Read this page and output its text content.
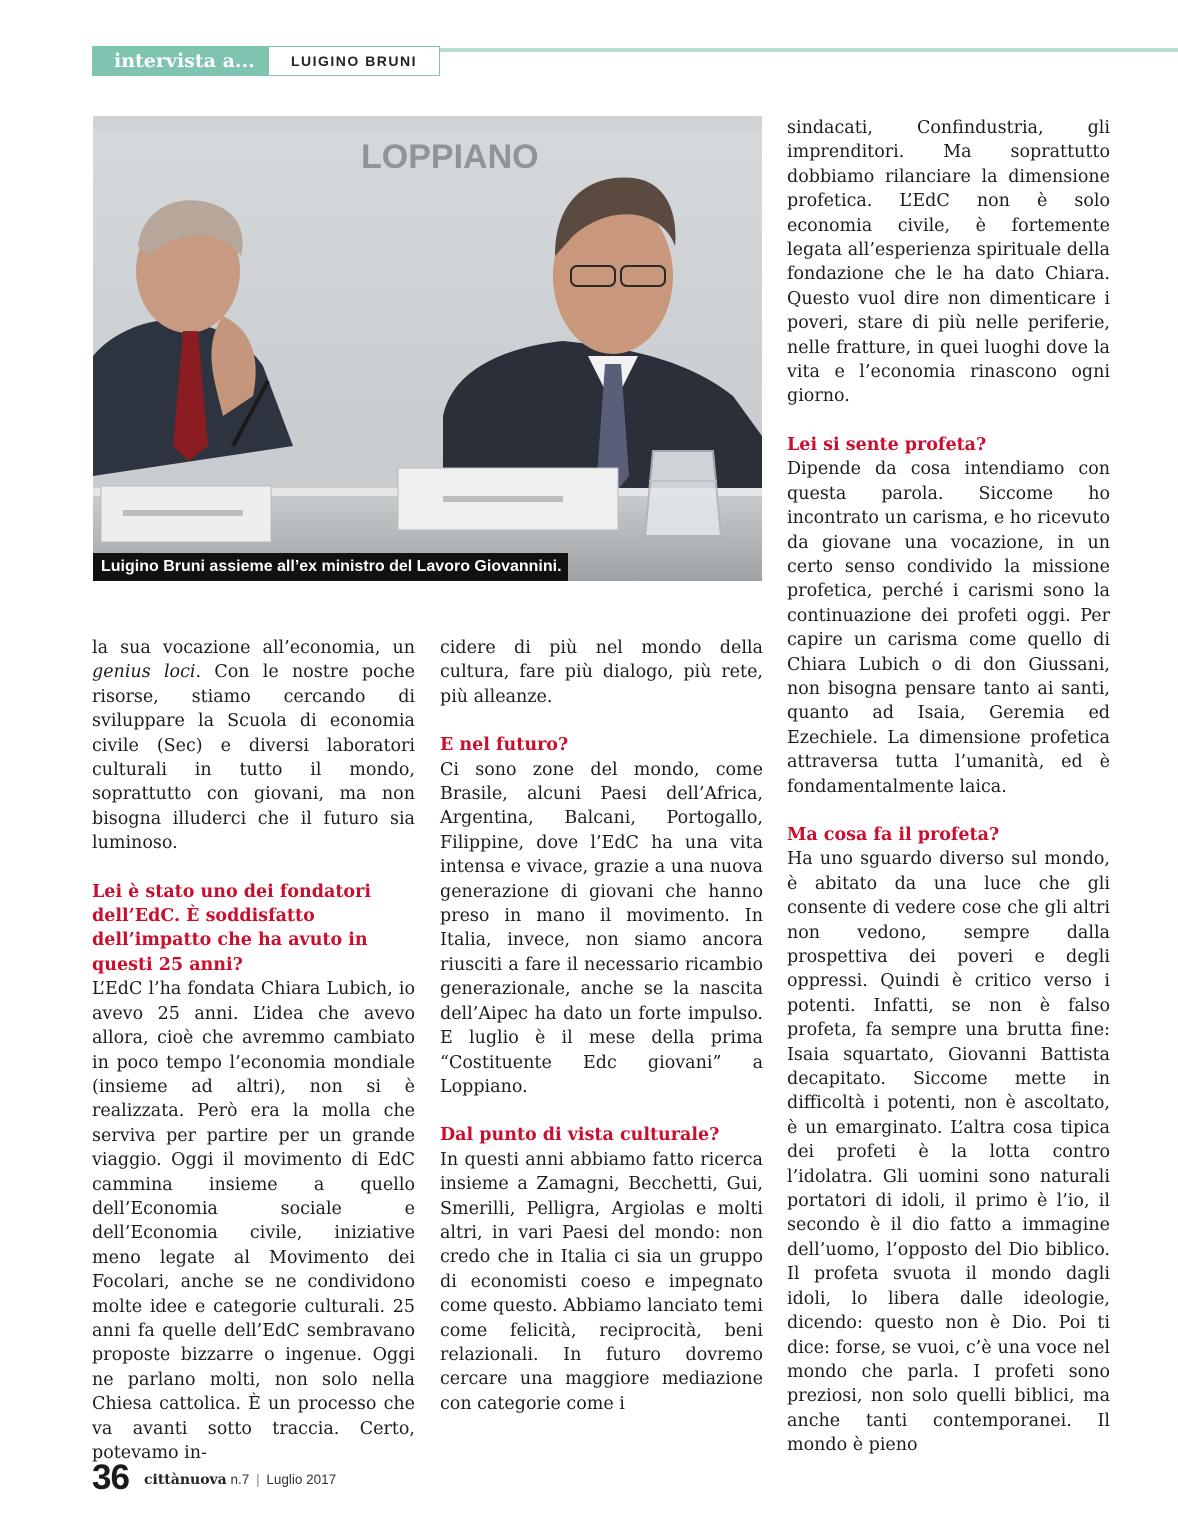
intervista a...	LUIGINO BRUNI
LOPPIANO
Luigino Bruni assieme all’ex ministro del Lavoro Giovannini.

la sua vocazione all’economia, un genius loci. Con le nostre poche risorse, stiamo cercando di sviluppare la Scuola di economia civile (Sec) e diversi laboratori culturali in tutto il mondo, soprattutto con giovani, ma non bisogna illuderci che il futuro sia luminoso.

Lei è stato uno dei fondatori dell’EdC. È soddisfatto dell’impatto che ha avuto in questi 25 anni?

L’EdC l’ha fondata Chiara Lubich, io avevo 25 anni. L’idea che avevo allora, cioè che avremmo cambiato in poco tempo l’economia mondiale (insieme ad altri), non si è realizzata. Però era la molla che serviva per partire per un grande viaggio. Oggi il movimento di EdC cammina insieme a quello dell’Economia sociale e dell’Economia civile, iniziative meno legate al Movimento dei Focolari, anche se ne condividono molte idee e categorie culturali. 25 anni fa quelle dell’EdC sembravano proposte bizzarre o ingenue. Oggi ne parlano molti, non solo nella Chiesa cattolica. È un processo che va avanti sotto traccia. Certo, potevamo in-

cidere di più nel mondo della cultura, fare più dialogo, più rete, più alleanze.

E nel futuro?

Ci sono zone del mondo, come Brasile, alcuni Paesi dell’Africa, Argentina, Balcani, Portogallo, Filippine, dove l’EdC ha una vita intensa e vivace, grazie a una nuova generazione di giovani che hanno preso in mano il movimento. In Italia, invece, non siamo ancora riusciti a fare il necessario ricambio generazionale, anche se la nascita dell’Aipec ha dato un forte impulso. E luglio è il mese della prima “Costituente Edc giovani” a Loppiano.

Dal punto di vista culturale?

In questi anni abbiamo fatto ricerca insieme a Zamagni, Becchetti, Gui, Smerilli, Pelligra, Argiolas e molti altri, in vari Paesi del mondo: non credo che in Italia ci sia un gruppo di economisti coeso e impegnato come questo. Abbiamo lanciato temi come felicità, reciprocità, beni relazionali. In futuro dovremo cercare una maggiore mediazione con categorie come i

sindacati, Confindustria, gli imprenditori. Ma soprattutto dobbiamo rilanciare la dimensione profetica. L’EdC non è solo economia civile, è fortemente legata all’esperienza spirituale della fondazione che le ha dato Chiara. Questo vuol dire non dimenticare i poveri, stare di più nelle periferie, nelle fratture, in quei luoghi dove la vita e l’economia rinascono ogni giorno.

Lei si sente profeta?

Dipende da cosa intendiamo con questa parola. Siccome ho incontrato un carisma, e ho ricevuto da giovane una vocazione, in un certo senso condivido la missione profetica, perché i carismi sono la continuazione dei profeti oggi. Per capire un carisma come quello di Chiara Lubich o di don Giussani, non bisogna pensare tanto ai santi, quanto ad Isaia, Geremia ed Ezechiele. La dimensione profetica attraversa tutta l’umanità, ed è fondamentalmente laica.

Ma cosa fa il profeta?

Ha uno sguardo diverso sul mondo, è abitato da una luce che gli consente di vedere cose che gli altri non vedono, sempre dalla prospettiva dei poveri e degli oppressi. Quindi è critico verso i potenti. Infatti, se non è falso profeta, fa sempre una brutta fine: Isaia squartato, Giovanni Battista decapitato. Siccome mette in difficoltà i potenti, non è ascoltato, è un emarginato. L’altra cosa tipica dei profeti è la lotta contro l’idolatra. Gli uomini sono naturali portatori di idoli, il primo è l’io, il secondo è il dio fatto a immagine dell’uomo, l’opposto del Dio biblico. Il profeta svuota il mondo dagli idoli, lo libera dalle ideologie, dicendo: questo non è Dio. Poi ti dice: forse, se vuoi, c’è una voce nel mondo che parla. I profeti sono preziosi, non solo quelli biblici, ma anche tanti contemporanei. Il mondo è pieno

36 cittànuova n.7 | Luglio 2017
